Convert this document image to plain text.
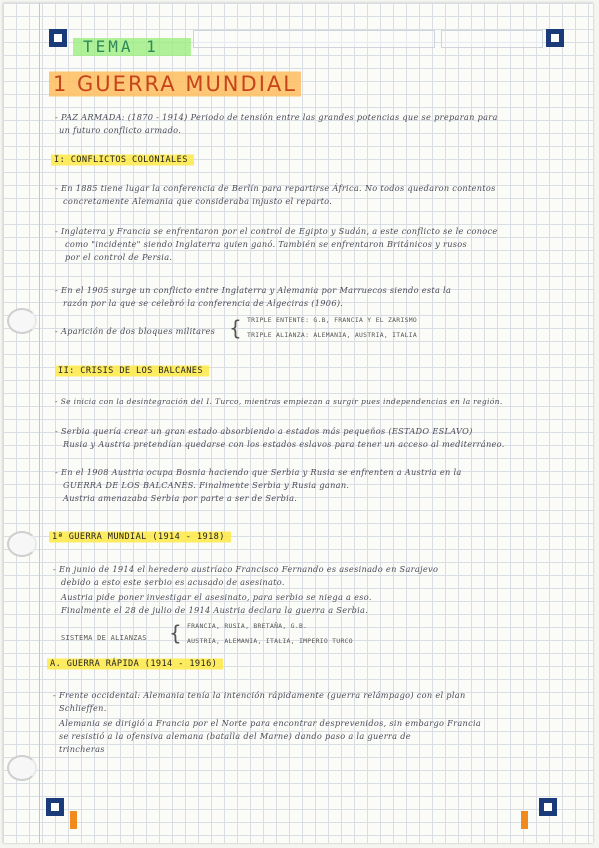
TEMA 1
1 GUERRA MUNDIAL
- PAZ ARMADA: (1870 - 1914) Periodo de tensión entre las grandes potencias que se preparan para
un futuro conflicto armado.
I: CONFLICTOS COLONIALES
- En 1885 tiene lugar la conferencia de Berlín para repartirse África. No todos quedaron contentos
concretamente Alemania que consideraba injusto el reparto.
- Inglaterra y Francia se enfrentaron por el control de Egipto y Sudán, a este conflicto se le conoce
como "incidente" siendo Inglaterra quien ganó. También se enfrentaron Británicos y rusos
por el control de Persia.
- En el 1905 surge un conflicto entre Inglaterra y Alemania por Marruecos siendo esta la
razón por la que se celebró la conferencia de Algeciras (1906).
- Aparición de dos bloques militares { TRIPLE ENTENTE: G.B, FRANCIA Y EL ZARISMO
TRIPLE ALIANZA: ALEMANIA, AUSTRIA, ITALIA
II: CRISIS DE LOS BALCANES
- Se inicia con la desintegración del I. Turco, mientras empiezan a surgir pues independencias en la región.
- Serbia quería crear un gran estado absorbiendo a estados más pequeños (ESTADO ESLAVO)
Rusia y Austria pretendían quedarse con los estados eslavos para tener un acceso al mediterráneo.
- En el 1908 Austria ocupa Bosnia haciendo que Serbia y Rusia se enfrenten a Austria en la
GUERRA DE LOS BALCANES. Finalmente Serbia y Rusia ganan.
Austria amenazaba Serbia por parte a ser de Serbia.
1ª GUERRA MUNDIAL (1914 - 1918)
- En junio de 1914 el heredero austríaco Francisco Fernando es asesinado en Sarajevo
debido a esto este serbio es acusado de asesinato.
Austria pide poner investigar el asesinato, para serbio se niega a eso.
Finalmente el 28 de julio de 1914 Austria declara la guerra a Serbia.
SISTEMA DE ALIANZAS { FRANCIA, RUSIA, BRETAÑA, G.B.
AUSTRIA, ALEMANIA, ITALIA, IMPERIO TURCO
A. GUERRA RÁPIDA (1914 - 1916)
- Frente occidental: Alemania tenía la intención rápidamente (guerra relámpago) con el plan
Schlieffen.
Alemania se dirigió a Francia por el Norte para encontrar desprevenidos, sin embargo Francia
se resistió a la ofensiva alemana (batalla del Marne) dando paso a la guerra de
trincheras
